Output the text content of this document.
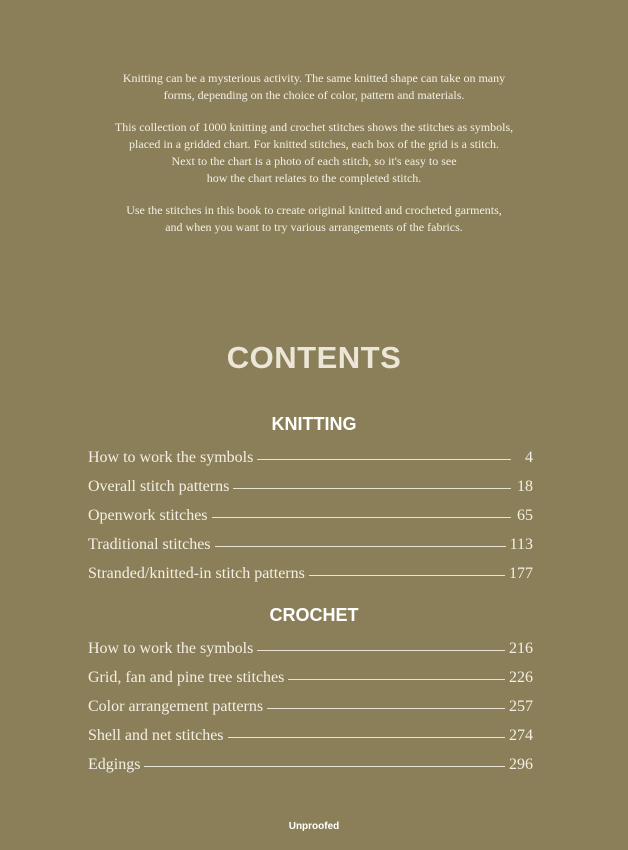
Knitting can be a mysterious activity. The same knitted shape can take on many
forms, depending on the choice of color, pattern and materials.

This collection of 1000 knitting and crochet stitches shows the stitches as symbols,
placed in a gridded chart. For knitted stitches, each box of the grid is a stitch.
Next to the chart is a photo of each stitch, so it's easy to see
how the chart relates to the completed stitch.

Use the stitches in this book to create original knitted and crocheted garments,
and when you want to try various arrangements of the fabrics.

CONTENTS
KNITTING
How to work the symbols	4
Overall stitch patterns	18
Openwork stitches	65
Traditional stitches	113
Stranded/knitted-in stitch patterns	177
CROCHET
How to work the symbols	216
Grid, fan and pine tree stitches	226
Color arrangement patterns	257
Shell and net stitches	274
Edgings	296
Unproofed
